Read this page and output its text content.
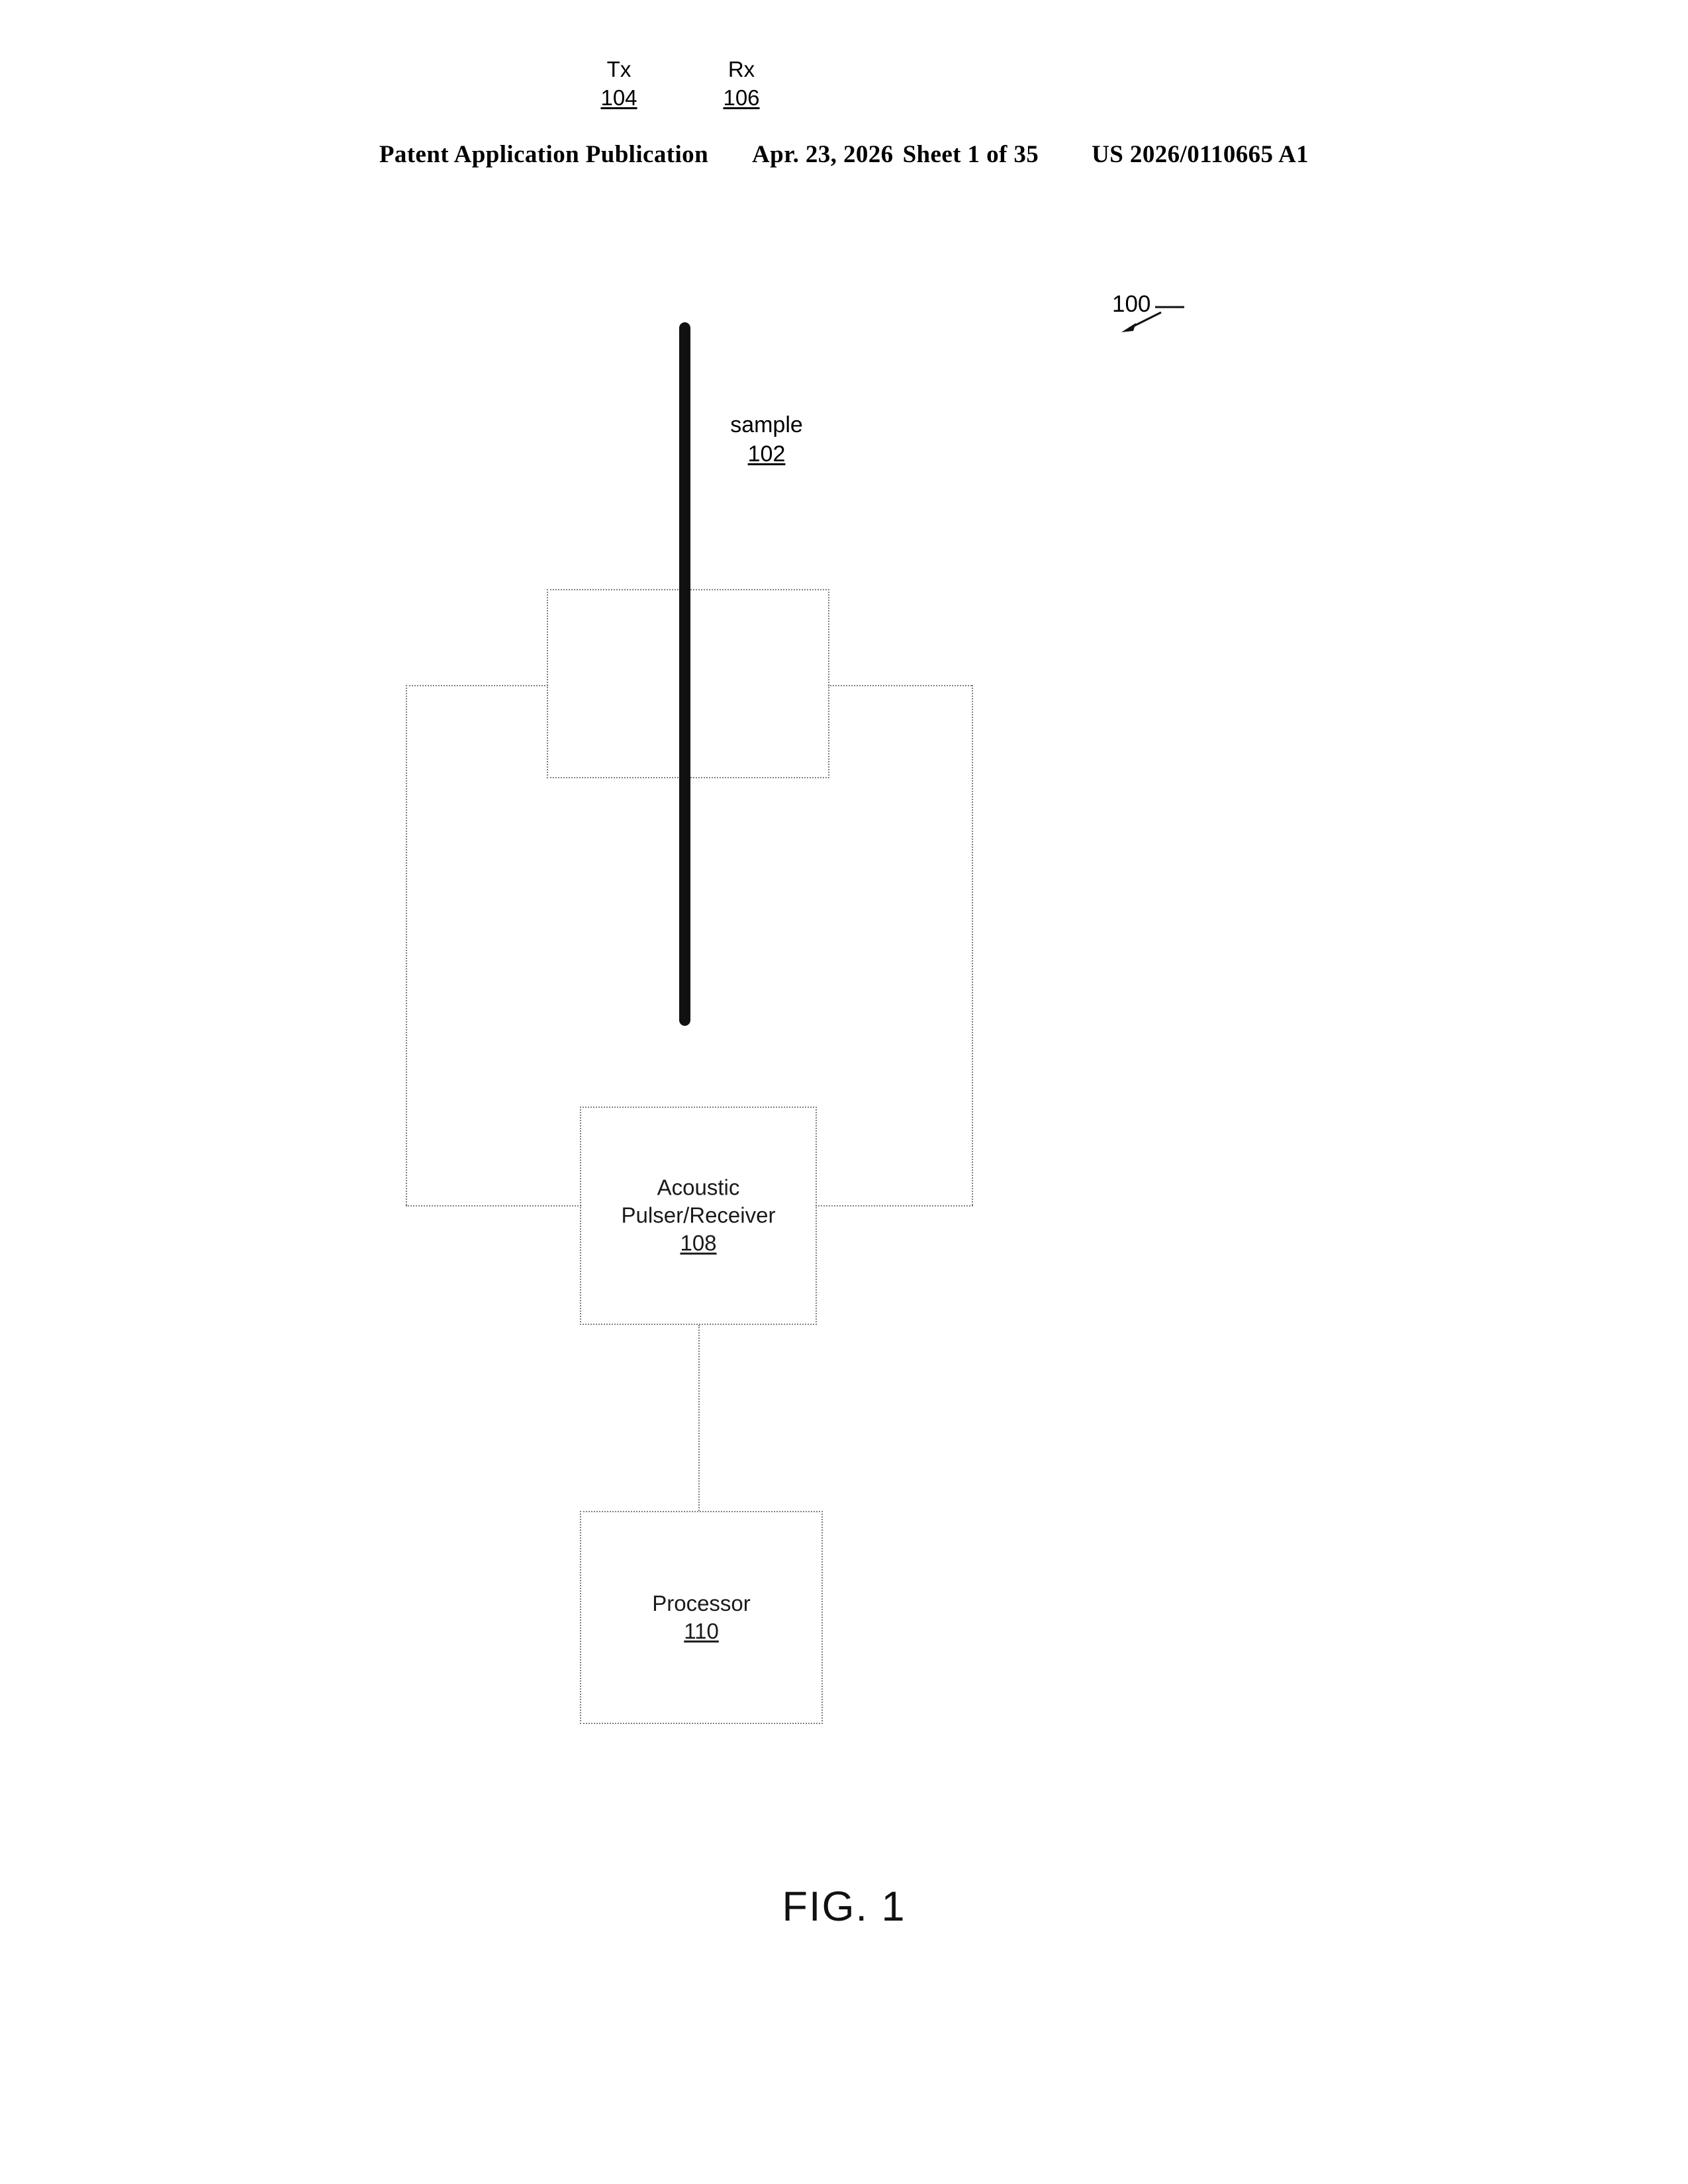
Patent Application Publication Apr. 23, 2026 Sheet 1 of 35 US 2026/0110665 A1
100
sample
102
Tx
104
Rx
106
Acoustic
Pulser/Receiver
108
Processor
110
FIG. 1
